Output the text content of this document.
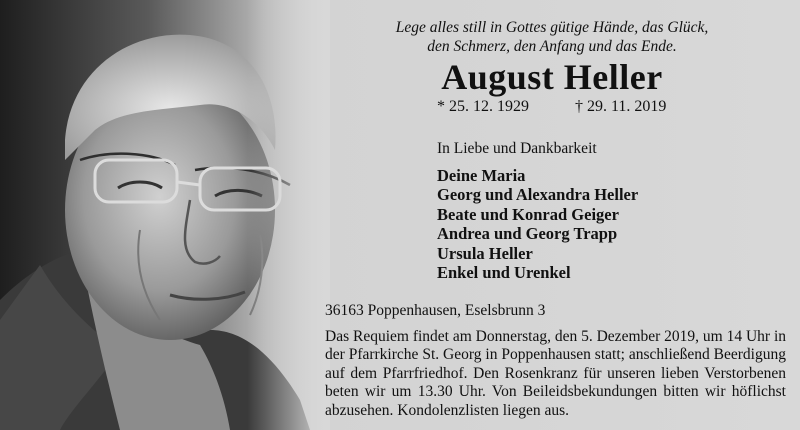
Lege alles still in Gottes gütige Hände, das Glück,
den Schmerz, den Anfang und das Ende.
August Heller
* 25. 12. 1929	† 29. 11. 2019
In Liebe und Dankbarkeit
Deine Maria
Georg und Alexandra Heller
Beate und Konrad Geiger
Andrea und Georg Trapp
Ursula Heller
Enkel und Urenkel
36163 Poppenhausen, Eselsbrunn 3
Das Requiem findet am Donnerstag, den 5. Dezember 2019, um 14 Uhr in
der Pfarrkirche St. Georg in Poppenhausen statt; anschließend Beerdigung
auf dem Pfarrfriedhof. Den Rosenkranz für unseren lieben Verstorbenen
beten wir um 13.30 Uhr. Von Beileidsbekundungen bitten wir höflichst
abzusehen. Kondolenzlisten liegen aus.
